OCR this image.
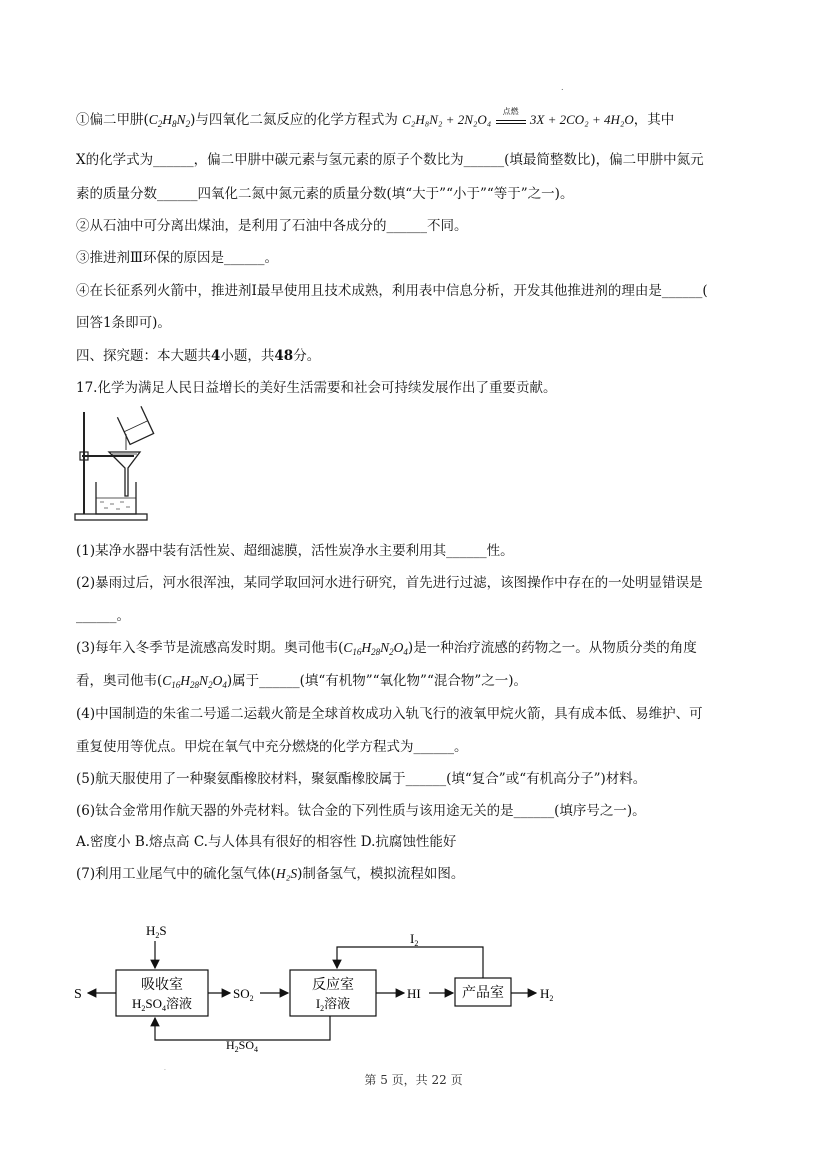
.
①偏二甲肼$(C_2H_8N_2)$与四氧化二氮反应的化学方程式为 C₂H₈N₂ + 2N₂O₄
点燃
3X + 2CO₂ + 4H₂O，其中
X的化学式为______，偏二甲肼中碳元素与氢元素的原子个数比为______(填最简整数比)，偏二甲肼中氮元
素的质量分数______四氧化二氮中氮元素的质量分数(填“大于”“小于”“等于”之一)。
②从石油中可分离出煤油，是利用了石油中各成分的______不同。
③推进剂Ⅲ环保的原因是______。
④在长征系列火箭中，推进剂Ⅰ最早使用且技术成熟，利用表中信息分析，开发其他推进剂的理由是______(
回答1条即可)。
四、探究题：本大题共4小题，共48分。
17.化学为满足人民日益增长的美好生活需要和社会可持续发展作出了重要贡献。
(1)某净水器中装有活性炭、超细滤膜，活性炭净水主要利用其______性。
(2)暴雨过后，河水很浑浊，某同学取回河水进行研究，首先进行过滤，该图操作中存在的一处明显错误是
______。
(3)每年入冬季节是流感高发时期。奥司他韦$(C_{16}H_{28}N_2O_4)$是一种治疗流感的药物之一。从物质分类的角度
看，奥司他韦$(C_{16}H_{28}N_2O_4)$属于______(填“有机物”“氧化物”“混合物”之一)。
(4)中国制造的朱雀二号遥二运载火箭是全球首枚成功入轨飞行的液氧甲烷火箭，具有成本低、易维护、可
重复使用等优点。甲烷在氧气中充分燃烧的化学方程式为______。
(5)航天服使用了一种聚氨酯橡胶材料，聚氨酯橡胶属于______(填“复合”或“有机高分子”)材料。
(6)钛合金常用作航天器的外壳材料。钛合金的下列性质与该用途无关的是______(填序号之一)。
A.密度小 B.熔点高 C.与人体具有很好的相容性 D.抗腐蚀性能好
(7)利用工业尾气中的硫化氢气体(H₂S)制备氢气，模拟流程如图。
$H_2S$
吸收室
$H_2SO_4$溶液
S	$SO_2$
反应室
$I_2$溶液
HI	产品室	$H_2$
$I_2$
$H_2SO_4$
·
第 5 页，共 22 页
